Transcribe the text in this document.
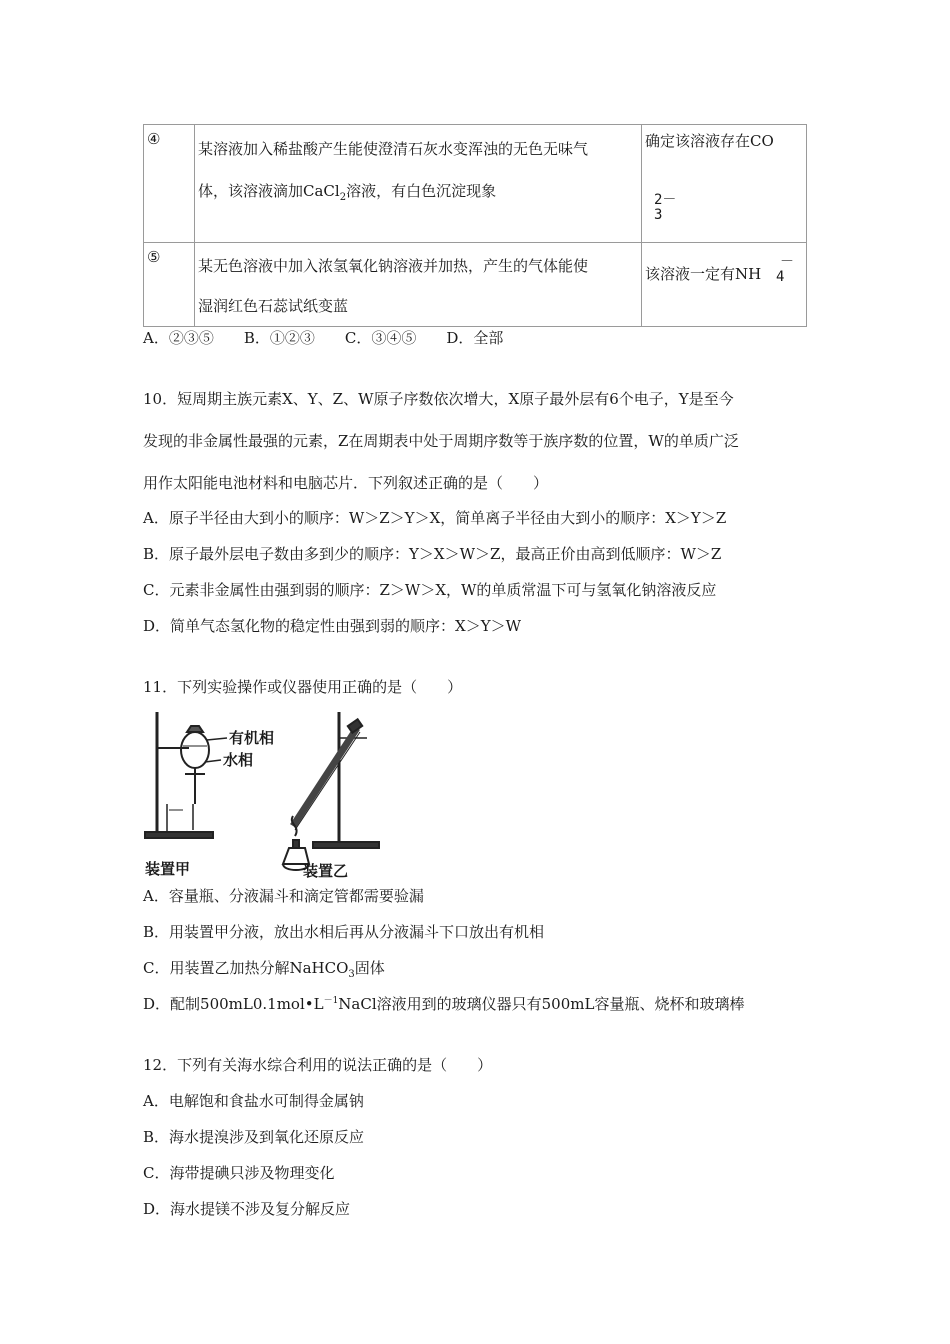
④	某溶液加入稀盐酸产生能使澄清石灰水变浑浊的无色无味气
体，该溶液滴加CaCl$_2$溶液，有白色沉淀现象	确定该溶液存在CO
2－
3

⑤	某无色溶液中加入浓氢氧化钠溶液并加热，产生的气体能使
湿润红色石蕊试纸变蓝	该溶液一定有NH
－
4
A．②③⑤　　B．①②③　　C．③④⑤　　D．全部
10．短周期主族元素X、Y、Z、W原子序数依次增大，X原子最外层有6个电子，Y是至今
发现的非金属性最强的元素，Z在周期表中处于周期序数等于族序数的位置，W的单质广泛
用作太阳能电池材料和电脑芯片．下列叙述正确的是（　　）
A．原子半径由大到小的顺序：W＞Z＞Y＞X，简单离子半径由大到小的顺序：X＞Y＞Z
B．原子最外层电子数由多到少的顺序：Y＞X＞W＞Z，最高正价由高到低顺序：W＞Z
C．元素非金属性由强到弱的顺序：Z＞W＞X，W的单质常温下可与氢氧化钠溶液反应
D．简单气态氢化物的稳定性由强到弱的顺序：X＞Y＞W
11．下列实验操作或仪器使用正确的是（　　）
有机相
水相
装置甲	装置乙
A．容量瓶、分液漏斗和滴定管都需要验漏
B．用装置甲分液，放出水相后再从分液漏斗下口放出有机相
C．用装置乙加热分解NaHCO$_3$固体
D．配制$500mL0.1mol•L^{-1}NaCl$溶液用到的玻璃仪器只有500mL容量瓶、烧杯和玻璃棒
12．下列有关海水综合利用的说法正确的是（　　）
A．电解饱和食盐水可制得金属钠
B．海水提溴涉及到氧化还原反应
C．海带提碘只涉及物理变化
D．海水提镁不涉及复分解反应
